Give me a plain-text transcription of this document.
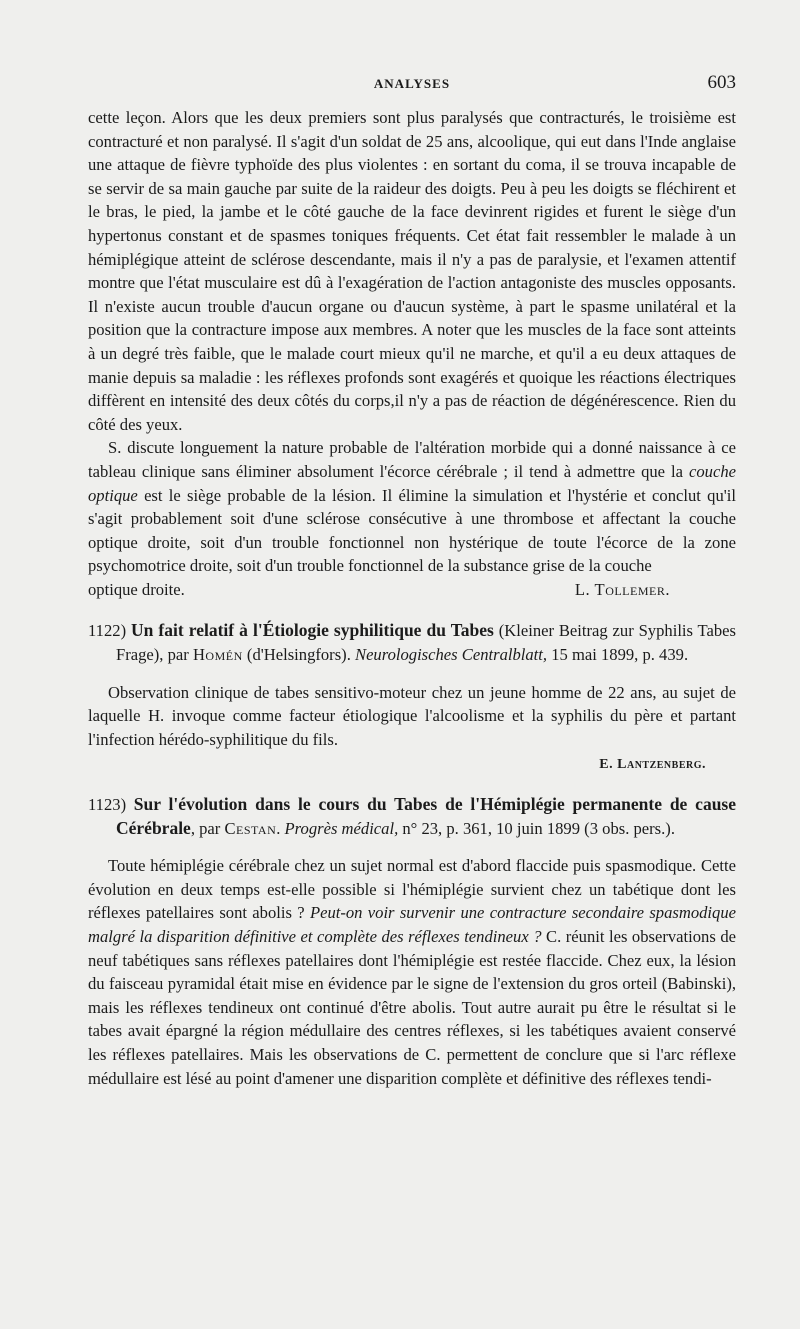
ANALYSES	603

cette leçon. Alors que les deux premiers sont plus paralysés que contracturés, le troisième est contracturé et non paralysé. Il s'agit d'un soldat de 25 ans, alcoolique, qui eut dans l'Inde anglaise une attaque de fièvre typhoïde des plus violentes : en sortant du coma, il se trouva incapable de se servir de sa main gauche par suite de la raideur des doigts. Peu à peu les doigts se fléchirent et le bras, le pied, la jambe et le côté gauche de la face devinrent rigides et furent le siège d'un hypertonus constant et de spasmes toniques fréquents. Cet état fait ressembler le malade à un hémiplégique atteint de sclérose descendante, mais il n'y a pas de paralysie, et l'examen attentif montre que l'état musculaire est dû à l'exagération de l'action antagoniste des muscles opposants. Il n'existe aucun trouble d'aucun organe ou d'aucun système, à part le spasme unilatéral et la position que la contracture impose aux membres. A noter que les muscles de la face sont atteints à un degré très faible, que le malade court mieux qu'il ne marche, et qu'il a eu deux attaques de manie depuis sa maladie : les réflexes profonds sont exagérés et quoique les réactions électriques diffèrent en intensité des deux côtés du corps,il n'y a pas de réaction de dégénérescence. Rien du côté des yeux.

S. discute longuement la nature probable de l'altération morbide qui a donné naissance à ce tableau clinique sans éliminer absolument l'écorce cérébrale ; il tend à admettre que la couche optique est le siège probable de la lésion. Il élimine la simulation et l'hystérie et conclut qu'il s'agit probablement soit d'une sclérose consécutive à une thrombose et affectant la couche optique droite, soit d'un trouble fonctionnel non hystérique de toute l'écorce de la zone psychomotrice droite, soit d'un trouble fonctionnel de la substance grise de la couche

optique droite.	L. Tollemer.

1122) Un fait relatif à l'Étiologie syphilitique du Tabes (Kleiner Beitrag zur Syphilis Tabes Frage), par Homén (d'Helsingfors). Neurologisches Centralblatt, 15 mai 1899, p. 439.

Observation clinique de tabes sensitivo-moteur chez un jeune homme de 22 ans, au sujet de laquelle H. invoque comme facteur étiologique l'alcoolisme et la syphilis du père et partant l'infection hérédo-syphilitique du fils.

E. Lantzenberg.

1123) Sur l'évolution dans le cours du Tabes de l'Hémiplégie permanente de cause Cérébrale, par Cestan. Progrès médical, n° 23, p. 361, 10 juin 1899 (3 obs. pers.).

Toute hémiplégie cérébrale chez un sujet normal est d'abord flaccide puis spasmodique. Cette évolution en deux temps est-elle possible si l'hémiplégie survient chez un tabétique dont les réflexes patellaires sont abolis ? Peut-on voir survenir une contracture secondaire spasmodique malgré la disparition définitive et complète des réflexes tendineux ? C. réunit les observations de neuf tabétiques sans réflexes patellaires dont l'hémiplégie est restée flaccide. Chez eux, la lésion du faisceau pyramidal était mise en évidence par le signe de l'extension du gros orteil (Babinski), mais les réflexes tendineux ont continué d'être abolis. Tout autre aurait pu être le résultat si le tabes avait épargné la région médullaire des centres réflexes, si les tabétiques avaient conservé les réflexes patellaires. Mais les observations de C. permettent de conclure que si l'arc réflexe médullaire est lésé au point d'amener une disparition complète et définitive des réflexes tendi-
